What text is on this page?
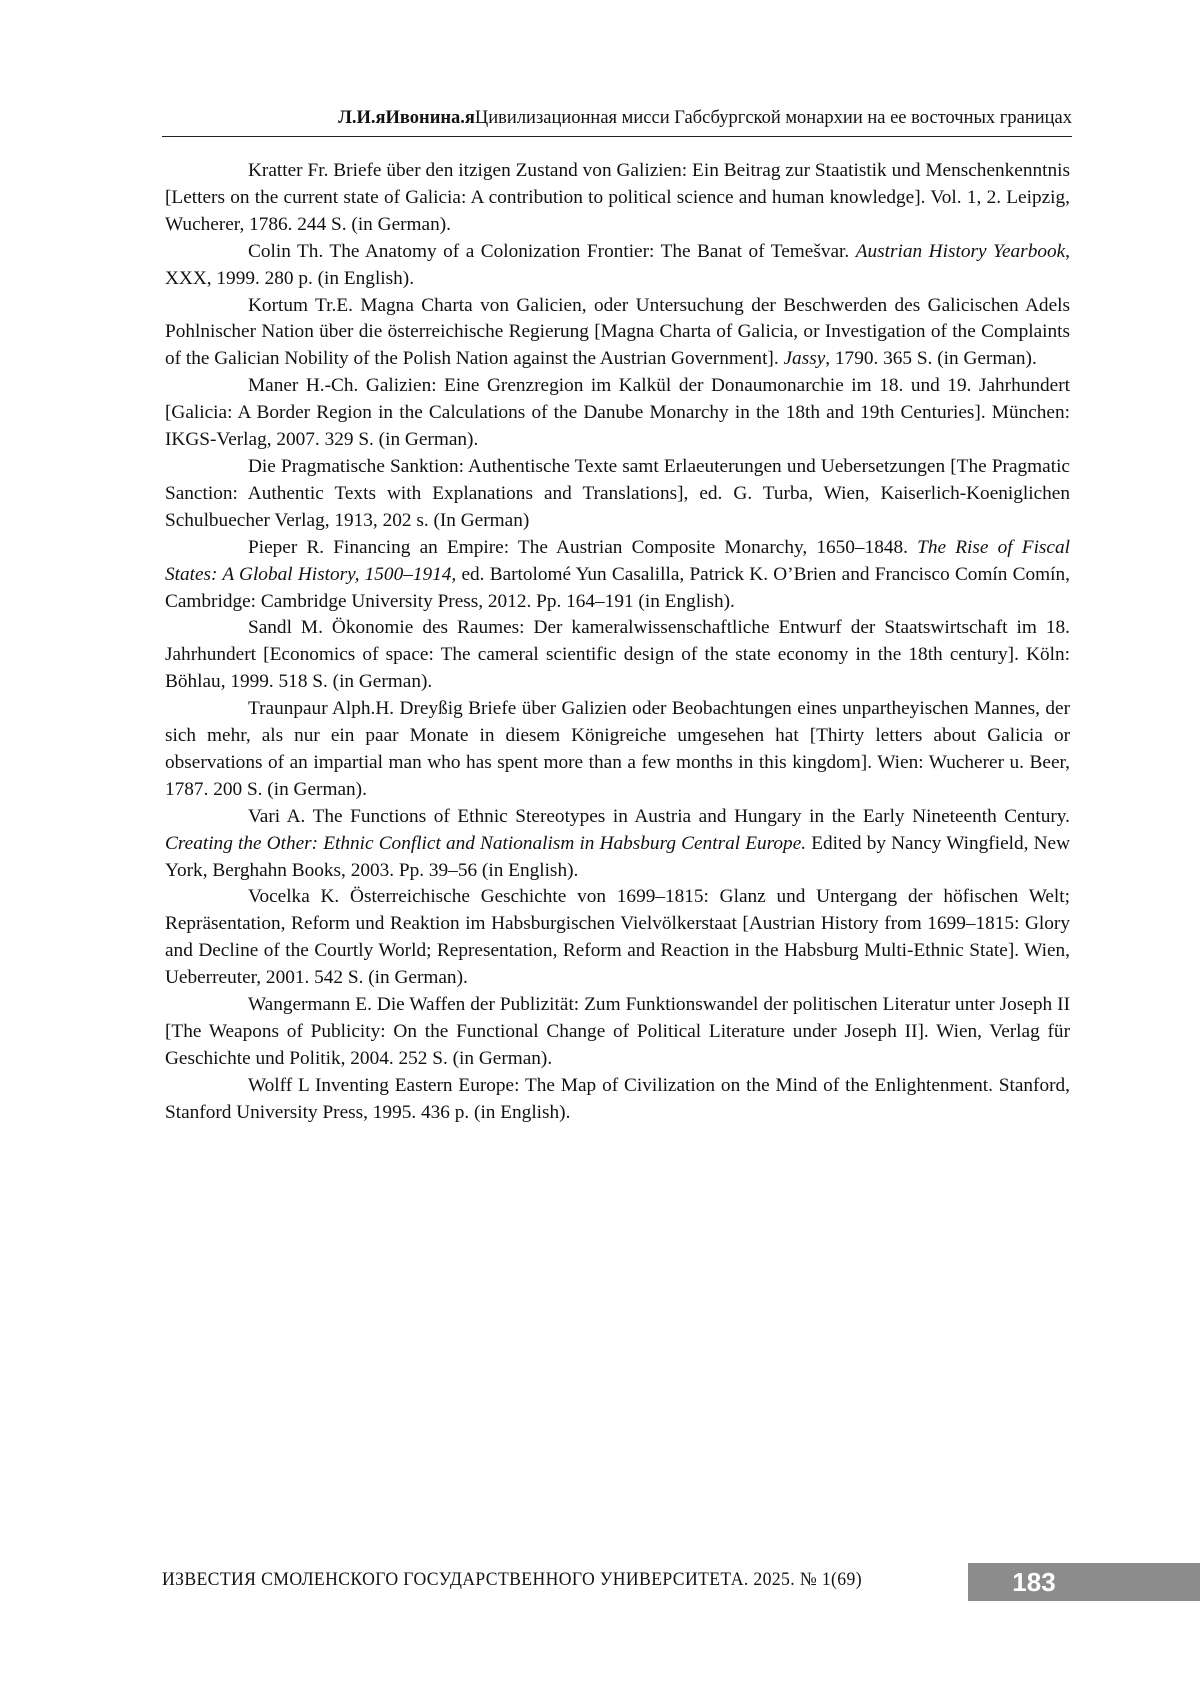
Л.И.яИвонина.яЦивилизационная мисси Габсбургской монархии на ее восточных границах

Kratter Fr. Briefe über den itzigen Zustand von Galizien: Ein Beitrag zur Staatistik und Menschenkenntnis [Letters on the current state of Galicia: A contribution to political science and human knowledge]. Vol. 1, 2. Leipzig, Wucherer, 1786. 244 S. (in German).

Colin Th. The Anatomy of a Colonization Frontier: The Banat of Temešvar. Austrian History Yearbook, XXX, 1999. 280 p. (in English).

Kortum Tr.E. Magna Charta von Galicien, oder Untersuchung der Beschwerden des Galicischen Adels Pohlnischer Nation über die österreichische Regierung [Magna Charta of Galicia, or Investigation of the Complaints of the Galician Nobility of the Polish Nation against the Austrian Government]. Jassy, 1790. 365 S. (in German).

Maner H.-Ch. Galizien: Eine Grenzregion im Kalkül der Donaumonarchie im 18. und 19. Jahrhundert [Galicia: A Border Region in the Calculations of the Danube Monarchy in the 18th and 19th Centuries]. München: IKGS-Verlag, 2007. 329 S. (in German).

Die Pragmatische Sanktion: Authentische Texte samt Erlaeuterungen und Uebersetzungen [The Pragmatic Sanction: Authentic Texts with Explanations and Translations], ed. G. Turba, Wien, Kaiserlich-Koeniglichen Schulbuecher Verlag, 1913, 202 s. (In German)

Pieper R. Financing an Empire: The Austrian Composite Monarchy, 1650–1848. The Rise of Fiscal States: A Global History, 1500–1914, ed. Bartolomé Yun Casalilla, Patrick K. O’Brien and Francisco Comín Comín, Cambridge: Cambridge University Press, 2012. Pp. 164–191 (in English).

Sandl M. Ökonomie des Raumes: Der kameralwissenschaftliche Entwurf der Staatswirtschaft im 18. Jahrhundert [Economics of space: The cameral scientific design of the state economy in the 18th century]. Köln: Böhlau, 1999. 518 S. (in German).

Traunpaur Alph.H. Dreyßig Briefe über Galizien oder Beobachtungen eines unpartheyischen Mannes, der sich mehr, als nur ein paar Monate in diesem Königreiche umgesehen hat [Thirty letters about Galicia or observations of an impartial man who has spent more than a few months in this kingdom]. Wien: Wucherer u. Beer, 1787. 200 S. (in German).

Vari A. The Functions of Ethnic Stereotypes in Austria and Hungary in the Early Nineteenth Century. Creating the Other: Ethnic Conflict and Nationalism in Habsburg Central Europe. Edited by Nancy Wingfield, New York, Berghahn Books, 2003. Pp. 39–56 (in English).

Vocelka K. Österreichische Geschichte von 1699–1815: Glanz und Untergang der höfischen Welt; Repräsentation, Reform und Reaktion im Habsburgischen Vielvölkerstaat [Austrian History from 1699–1815: Glory and Decline of the Courtly World; Representation, Reform and Reaction in the Habsburg Multi-Ethnic State]. Wien, Ueberreuter, 2001. 542 S. (in German).

Wangermann E. Die Waffen der Publizität: Zum Funktionswandel der politischen Literatur unter Joseph II [The Weapons of Publicity: On the Functional Change of Political Literature under Joseph II]. Wien, Verlag für Geschichte und Politik, 2004. 252 S. (in German).

Wolff L Inventing Eastern Europe: The Map of Civilization on the Mind of the Enlightenment. Stanford, Stanford University Press, 1995. 436 p. (in English).

ИЗВЕСТИЯ СМОЛЕНСКОГО ГОСУДАРСТВЕННОГО УНИВЕРСИТЕТА. 2025. № 1(69)	183
